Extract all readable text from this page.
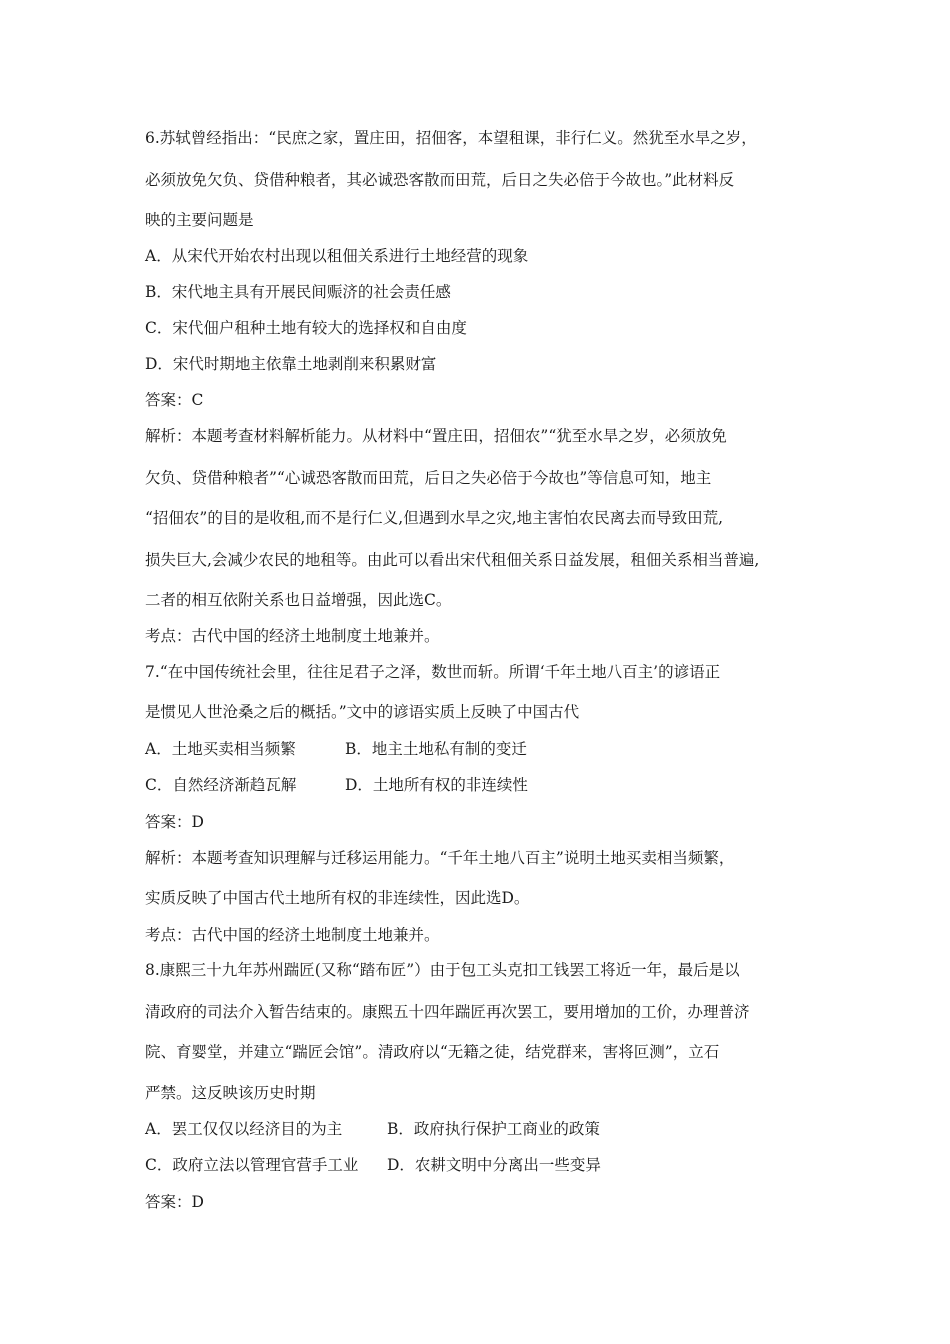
6.苏轼曾经指出：“民庶之家，置庄田，招佃客，本望租课，非行仁义。然犹至水旱之岁，
必须放免欠负、贷借种粮者，其必诚恐客散而田荒，后日之失必倍于今故也。”此材料反
映的主要问题是
A．从宋代开始农村出现以租佃关系进行土地经营的现象
B．宋代地主具有开展民间赈济的社会责任感
C．宋代佃户租种土地有较大的选择权和自由度
D．宋代时期地主依靠土地剥削来积累财富
答案：C
解析：本题考查材料解析能力。从材料中“置庄田，招佃农”“犹至水旱之岁，必须放免
欠负、贷借种粮者”“心诚恐客散而田荒，后日之失必倍于今故也”等信息可知，地主
“招佃农”的目的是收租,而不是行仁义,但遇到水旱之灾,地主害怕农民离去而导致田荒,
损失巨大,会减少农民的地租等。由此可以看出宋代租佃关系日益发展，租佃关系相当普遍,
二者的相互依附关系也日益增强，因此选C。
考点：古代中国的经济土地制度土地兼并。
7.“在中国传统社会里，往往足君子之泽，数世而斩。所谓‘千年土地八百主’的谚语正
是惯见人世沧桑之后的概括。”文中的谚语实质上反映了中国古代
A．土地买卖相当频繁	B．地主土地私有制的变迁
C．自然经济渐趋瓦解	D．土地所有权的非连续性
答案：D
解析：本题考查知识理解与迁移运用能力。“千年土地八百主”说明土地买卖相当频繁，
实质反映了中国古代土地所有权的非连续性，因此选D。
考点：古代中国的经济土地制度土地兼并。
8.康熙三十九年苏州踹匠(又称“踏布匠”）由于包工头克扣工钱罢工将近一年，最后是以
清政府的司法介入暂告结束的。康熙五十四年踹匠再次罢工，要用增加的工价，办理普济
院、育婴堂，并建立“踹匠会馆”。清政府以“无籍之徒，结党群来，害将叵测”，立石
严禁。这反映该历史时期
A．罢工仅仅以经济目的为主	B．政府执行保护工商业的政策
C．政府立法以管理官营手工业 D．农耕文明中分离出一些变异
答案：D
